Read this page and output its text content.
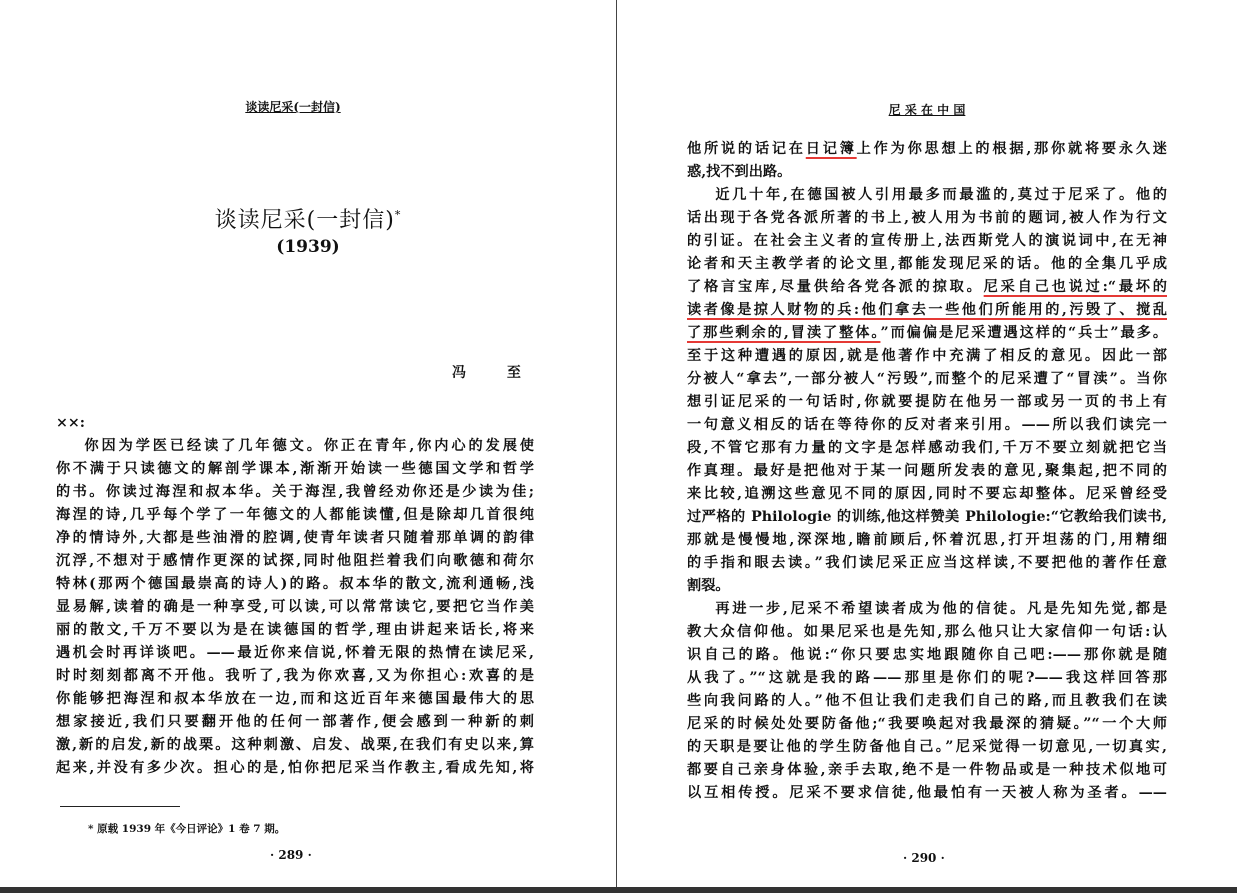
谈读尼采(一封信)
谈读尼采(一封信)*
(1939)
冯 至

××:

你因为学医已经读了几年德文。你正在青年,你内心的发展使

你不满于只读德文的解剖学课本,渐渐开始读一些德国文学和哲学

的书。你读过海涅和叔本华。关于海涅,我曾经劝你还是少读为佳;

海涅的诗,几乎每个学了一年德文的人都能读懂,但是除却几首很纯

净的情诗外,大都是些油滑的腔调,使青年读者只随着那单调的韵律

沉浮,不想对于感情作更深的试探,同时他阻拦着我们向歌德和荷尔

特林(那两个德国最崇高的诗人)的路。叔本华的散文,流利通畅,浅

显易解,读着的确是一种享受,可以读,可以常常读它,要把它当作美

丽的散文,千万不要以为是在读德国的哲学,理由讲起来话长,将来

遇机会时再详谈吧。——最近你来信说,怀着无限的热情在读尼采,

时时刻刻都离不开他。我听了,我为你欢喜,又为你担心:欢喜的是

你能够把海涅和叔本华放在一边,而和这近百年来德国最伟大的思

想家接近,我们只要翻开他的任何一部著作,便会感到一种新的刺

激,新的启发,新的战栗。这种刺激、启发、战栗,在我们有史以来,算

起来,并没有多少次。担心的是,怕你把尼采当作教主,看成先知,将

* 原载 1939 年《今日评论》1 卷 7 期。
· 289 ·
尼 采 在 中 国

他所说的话记在日记簿上作为你思想上的根据,那你就将要永久迷

惑,找不到出路。

近几十年,在德国被人引用最多而最滥的,莫过于尼采了。他的

话出现于各党各派所著的书上,被人用为书前的题词,被人作为行文

的引证。在社会主义者的宣传册上,法西斯党人的演说词中,在无神

论者和天主教学者的论文里,都能发现尼采的话。他的全集几乎成

了格言宝库,尽量供给各党各派的掠取。尼采自己也说过:“最坏的

读者像是掠人财物的兵:他们拿去一些他们所能用的,污毁了、搅乱

了那些剩余的,冒渎了整体。”而偏偏是尼采遭遇这样的“兵士”最多。

至于这种遭遇的原因,就是他著作中充满了相反的意见。因此一部

分被人“拿去”,一部分被人“污毁”,而整个的尼采遭了“冒渎”。当你

想引证尼采的一句话时,你就要提防在他另一部或另一页的书上有

一句意义相反的话在等待你的反对者来引用。——所以我们读完一

段,不管它那有力量的文字是怎样感动我们,千万不要立刻就把它当

作真理。最好是把他对于某一问题所发表的意见,聚集起,把不同的

来比较,追溯这些意见不同的原因,同时不要忘却整体。尼采曾经受

过严格的 Philologie 的训练,他这样赞美 Philologie:“它教给我们读书,

那就是慢慢地,深深地,瞻前顾后,怀着沉思,打开坦荡的门,用精细

的手指和眼去读。”我们读尼采正应当这样读,不要把他的著作任意

割裂。

再进一步,尼采不希望读者成为他的信徒。凡是先知先觉,都是

教大众信仰他。如果尼采也是先知,那么他只让大家信仰一句话:认

识自己的路。他说:“你只要忠实地跟随你自己吧:——那你就是随

从我了。”“这就是我的路——那里是你们的呢?——我这样回答那

些向我问路的人。”他不但让我们走我们自己的路,而且教我们在读

尼采的时候处处要防备他;“我要唤起对我最深的猜疑。”“一个大师

的天职是要让他的学生防备他自己。”尼采觉得一切意见,一切真实,

都要自己亲身体验,亲手去取,绝不是一件物品或是一种技术似地可

以互相传授。尼采不要求信徒,他最怕有一天被人称为圣者。——

· 290 ·
